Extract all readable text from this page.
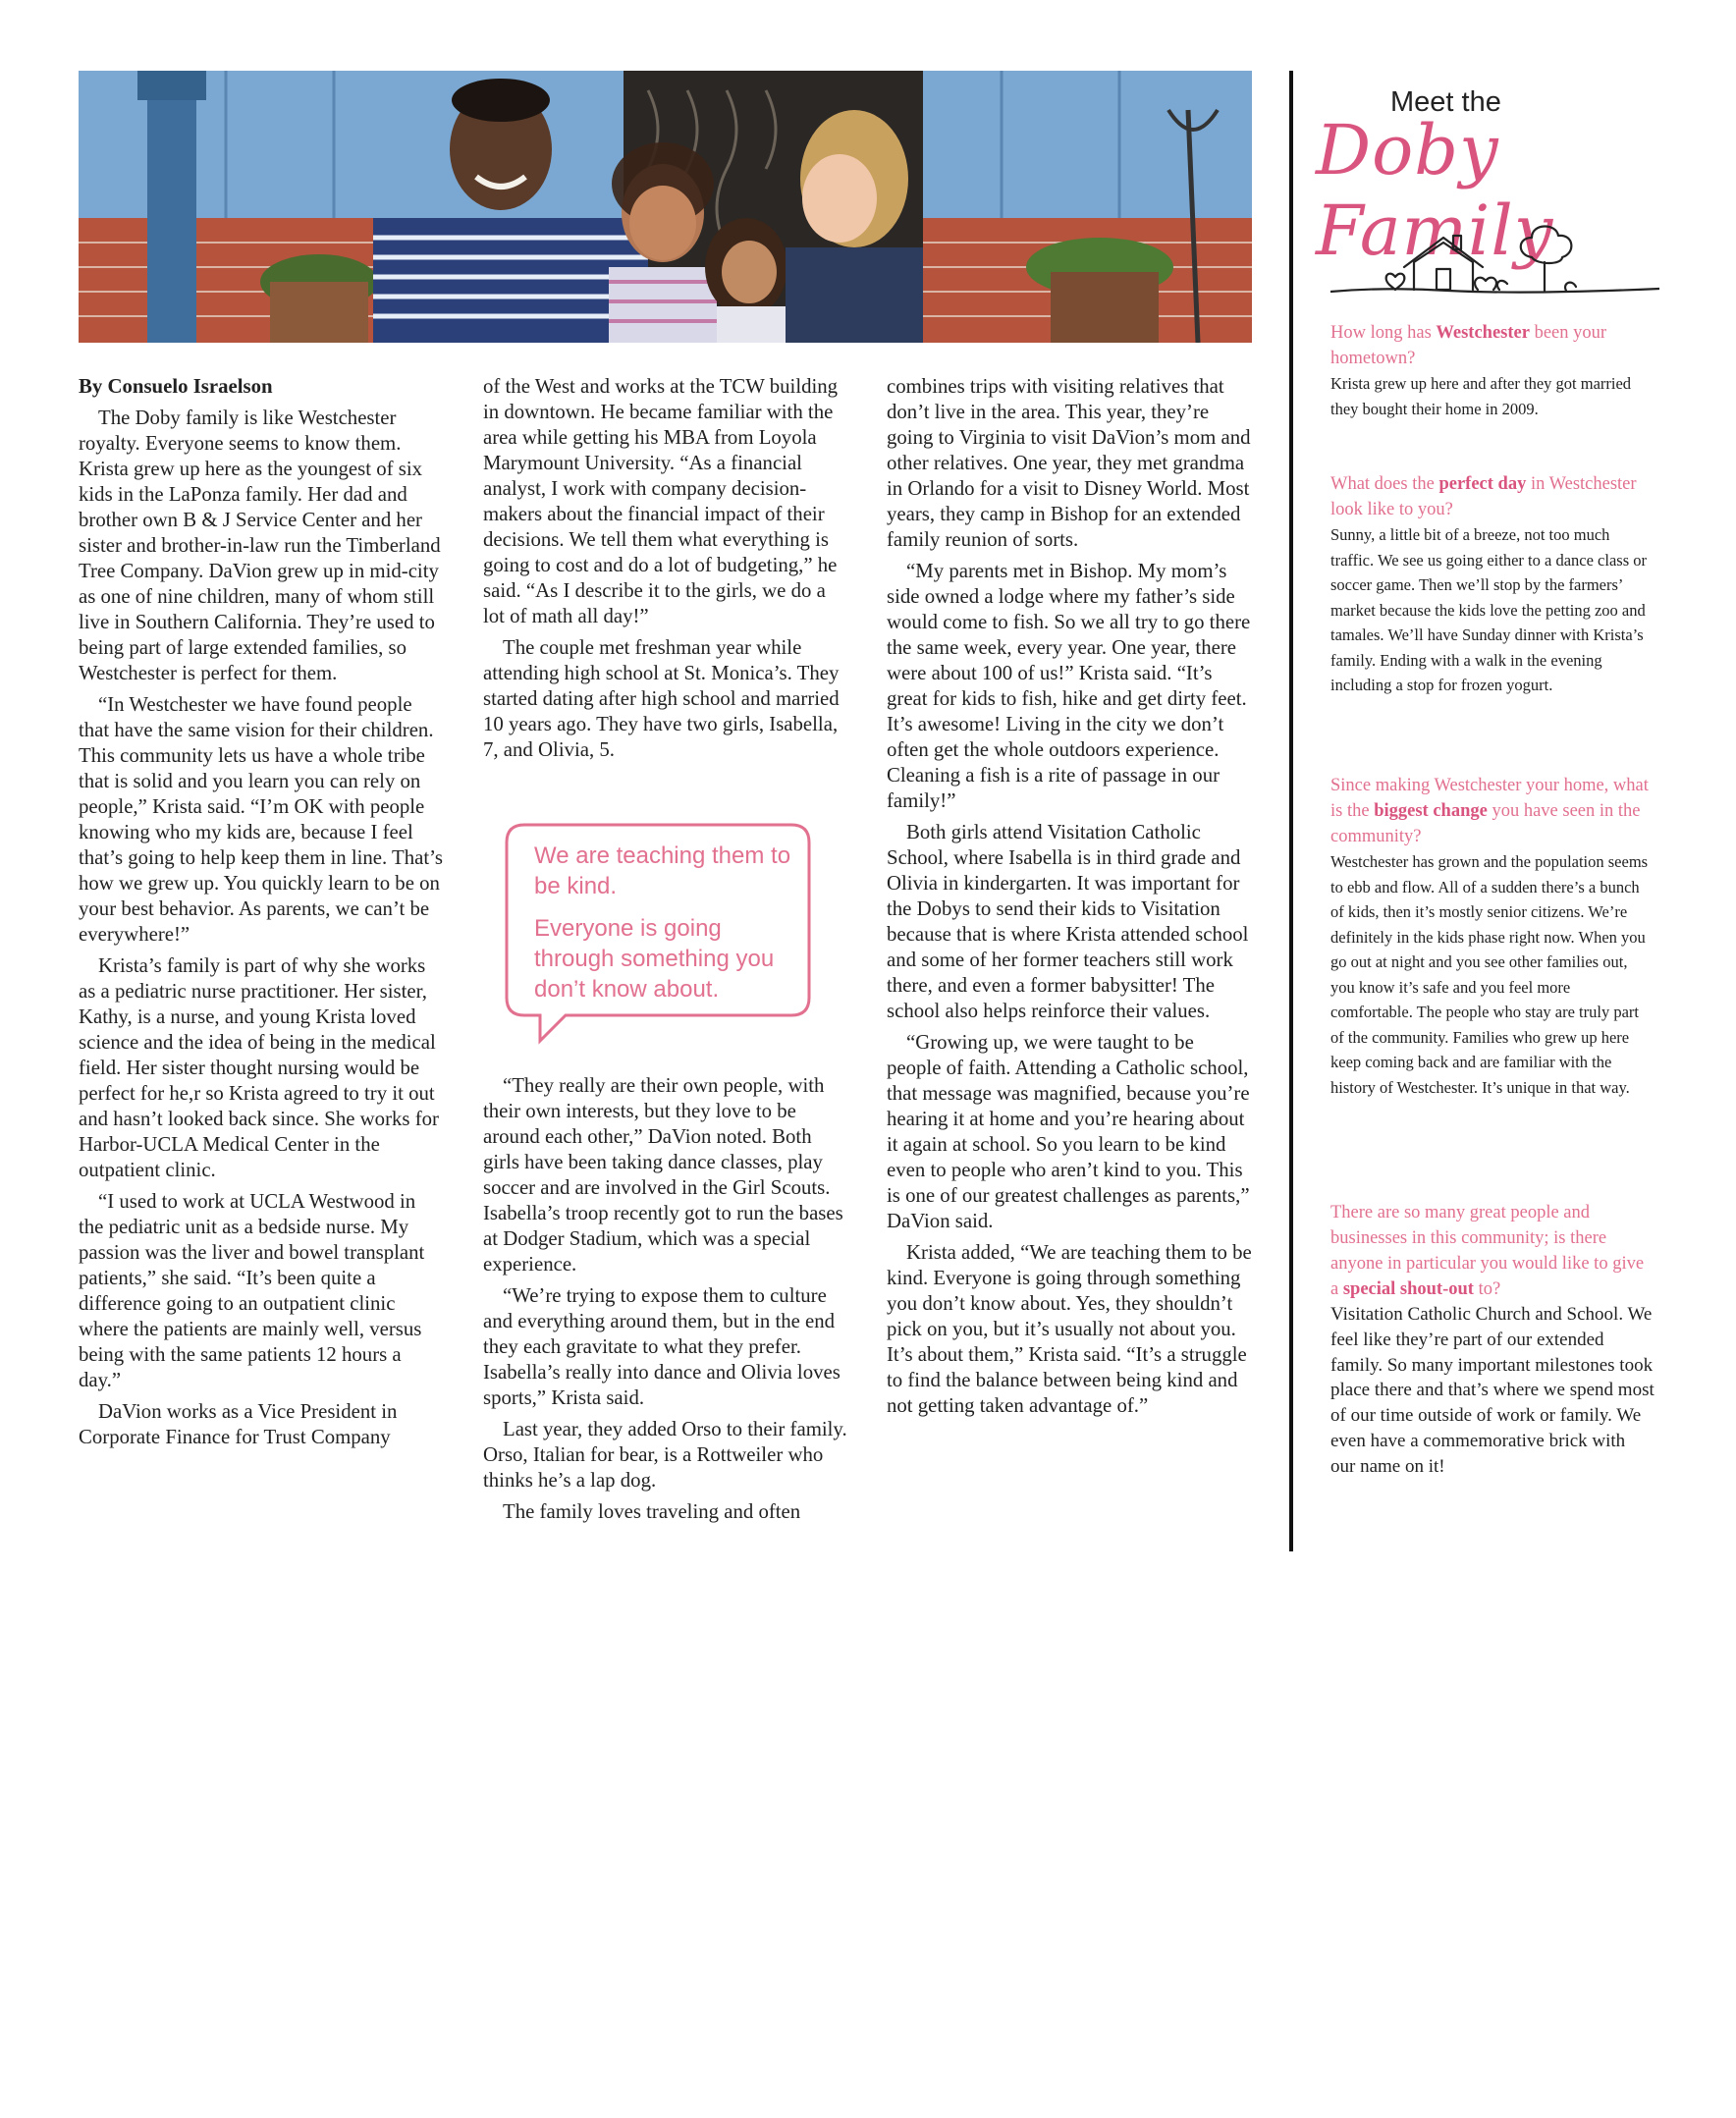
By Consuelo Israelson

The Doby family is like Westchester royalty. Everyone seems to know them. Krista grew up here as the youngest of six kids in the LaPonza family. Her dad and brother own B & J Service Center and her sister and brother-in-law run the Timberland Tree Company. DaVion grew up in mid-city as one of nine children, many of whom still live in Southern California. They’re used to being part of large extended families, so Westchester is perfect for them.

“In Westchester we have found people that have the same vision for their children. This community lets us have a whole tribe that is solid and you learn you can rely on people,” Krista said. “I’m OK with people knowing who my kids are, because I feel that’s going to help keep them in line. That’s how we grew up. You quickly learn to be on your best behavior. As parents, we can’t be everywhere!”

Krista’s family is part of why she works as a pediatric nurse practitioner. Her sister, Kathy, is a nurse, and young Krista loved science and the idea of being in the medical field. Her sister thought nursing would be perfect for he,r so Krista agreed to try it out and hasn’t looked back since. She works for Harbor-UCLA Medical Center in the outpatient clinic.

“I used to work at UCLA Westwood in the pediatric unit as a bedside nurse. My passion was the liver and bowel transplant patients,” she said. “It’s been quite a difference going to an outpatient clinic where the patients are mainly well, versus being with the same patients 12 hours a day.”

DaVion works as a Vice President in Corporate Finance for Trust Company

of the West and works at the TCW building in downtown. He became familiar with the area while getting his MBA from Loyola Marymount University. “As a financial analyst, I work with company decision-makers about the financial impact of their decisions. We tell them what everything is going to cost and do a lot of budgeting,” he said. “As I describe it to the girls, we do a lot of math all day!”

The couple met freshman year while attending high school at St. Monica’s. They started dating after high school and married 10 years ago. They have two girls, Isabella, 7, and Olivia, 5.

We are teaching them to be kind.

Everyone is going through something you don’t know about.

“They really are their own people, with their own interests, but they love to be around each other,” DaVion noted. Both girls have been taking dance classes, play soccer and are involved in the Girl Scouts. Isabella’s troop recently got to run the bases at Dodger Stadium, which was a special experience.

“We’re trying to expose them to culture and everything around them, but in the end they each gravitate to what they prefer. Isabella’s really into dance and Olivia loves sports,” Krista said.

Last year, they added Orso to their family. Orso, Italian for bear, is a Rottweiler who thinks he’s a lap dog.

The family loves traveling and often

combines trips with visiting relatives that don’t live in the area. This year, they’re going to Virginia to visit DaVion’s mom and other relatives. One year, they met grandma in Orlando for a visit to Disney World. Most years, they camp in Bishop for an extended family reunion of sorts.

“My parents met in Bishop. My mom’s side owned a lodge where my father’s side would come to fish. So we all try to go there the same week, every year. One year, there were about 100 of us!” Krista said. “It’s great for kids to fish, hike and get dirty feet. It’s awesome! Living in the city we don’t often get the whole outdoors experience. Cleaning a fish is a rite of passage in our family!”

Both girls attend Visitation Catholic School, where Isabella is in third grade and Olivia in kindergarten. It was important for the Dobys to send their kids to Visitation because that is where Krista attended school and some of her former teachers still work there, and even a former babysitter! The school also helps reinforce their values.

“Growing up, we were taught to be people of faith. Attending a Catholic school, that message was magnified, because you’re hearing it at home and you’re hearing about it again at school. So you learn to be kind even to people who aren’t kind to you. This is one of our greatest challenges as parents,” DaVion said.

Krista added, “We are teaching them to be kind. Everyone is going through something you don’t know about. Yes, they shouldn’t pick on you, but it’s usually not about you. It’s about them,” Krista said. “It’s a struggle to find the balance between being kind and not getting taken advantage of.”

Meet the
Doby Family

How long has Westchester been your hometown?

Krista grew up here and after they got married they bought their home in 2009.

What does the perfect day in Westchester look like to you?

Sunny, a little bit of a breeze, not too much traffic. We see us going either to a dance class or soccer game. Then we’ll stop by the farmers’ market because the kids love the petting zoo and tamales. We’ll have Sunday dinner with Krista’s family. Ending with a walk in the evening including a stop for frozen yogurt.

Since making Westchester your home, what is the biggest change you have seen in the community?

Westchester has grown and the population seems to ebb and flow. All of a sudden there’s a bunch of kids, then it’s mostly senior citizens. We’re definitely in the kids phase right now. When you go out at night and you see other families out, you know it’s safe and you feel more comfortable. The people who stay are truly part of the community. Families who grew up here keep coming back and are familiar with the history of Westchester. It’s unique in that way.

There are so many great people and businesses in this community; is there anyone in particular you would like to give a special shout-out to?

Visitation Catholic Church and School. We feel like they’re part of our extended family. So many important milestones took place there and that’s where we spend most of our time outside of work or family. We even have a commemorative brick with our name on it!
